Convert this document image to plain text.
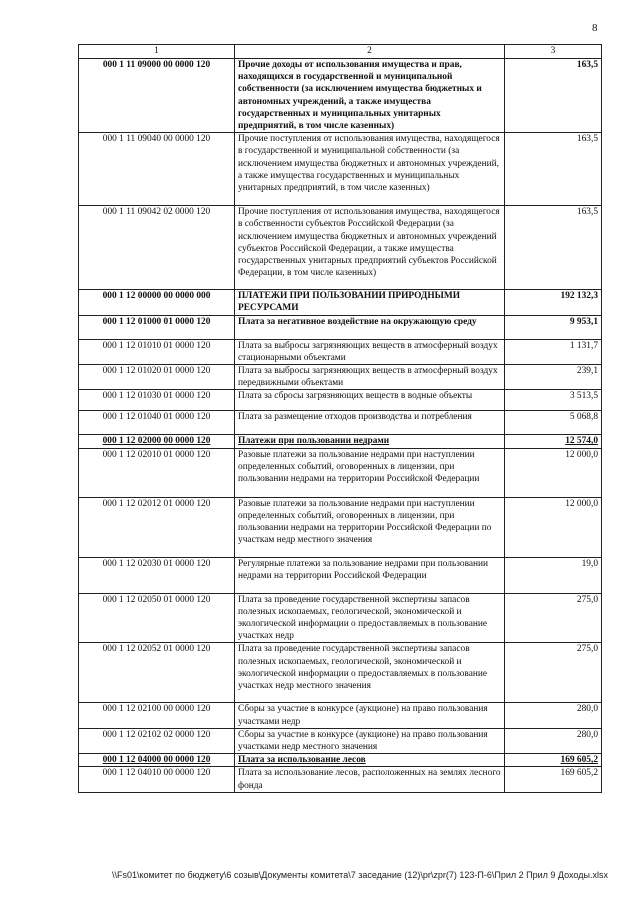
8
1	2	3
000 1 11 09000 00 0000 120	Прочие доходы от использования имущества и прав, находящихся в государственной и муниципальной собственности (за исключением имущества бюджетных и автономных учреждений, а также имущества государственных и муниципальных унитарных предприятий, в том числе казенных)	163,5
000 1 11 09040 00 0000 120	Прочие поступления от использования имущества, находящегося в государственной и муниципальной собственности (за исключением имущества бюджетных и автономных учреждений, а также имущества государственных и муниципальных унитарных предприятий, в том числе казенных)	163,5
000 1 11 09042 02 0000 120	Прочие поступления от использования имущества, находящегося в собственности субъектов Российской Федерации (за исключением имущества бюджетных и автономных учреждений субъектов Российской Федерации, а также имущества государственных унитарных предприятий субъектов Российской Федерации, в том числе казенных)	163,5
000 1 12 00000 00 0000 000	ПЛАТЕЖИ ПРИ ПОЛЬЗОВАНИИ ПРИРОДНЫМИ РЕСУРСАМИ	192 132,3
000 1 12 01000 01 0000 120	Плата за негативное воздействие на окружающую среду	9 953,1
000 1 12 01010 01 0000 120	Плата за выбросы загрязняющих веществ в атмосферный воздух стационарными объектами	1 131,7
000 1 12 01020 01 0000 120	Плата за выбросы загрязняющих веществ в атмосферный воздух передвижными объектами	239,1
000 1 12 01030 01 0000 120	Плата за сбросы загрязняющих веществ в водные объекты	3 513,5
000 1 12 01040 01 0000 120	Плата за размещение отходов производства и потребления	5 068,8
000 1 12 02000 00 0000 120	Платежи при пользовании недрами	12 574,0
000 1 12 02010 01 0000 120	Разовые платежи за пользование недрами при наступлении определенных событий, оговоренных в лицензии, при пользовании недрами на территории Российской Федерации	12 000,0
000 1 12 02012 01 0000 120	Разовые платежи за пользование недрами при наступлении определенных событий, оговоренных в лицензии, при пользовании недрами на территории Российской Федерации по участкам недр местного значения	12 000,0
000 1 12 02030 01 0000 120	Регулярные платежи за пользование недрами при пользовании недрами на территории Российской Федерации	19,0
000 1 12 02050 01 0000 120	Плата за проведение государственной экспертизы запасов полезных ископаемых, геологической, экономической и экологической информации о предоставляемых в пользование участках недр	275,0
000 1 12 02052 01 0000 120	Плата за проведение государственной экспертизы запасов полезных ископаемых, геологической, экономической и экологической информации о предоставляемых в пользование участках недр местного значения	275,0
000 1 12 02100 00 0000 120	Сборы за участие в конкурсе (аукционе) на право пользования участками недр	280,0
000 1 12 02102 02 0000 120	Сборы за участие в конкурсе (аукционе) на право пользования участками недр местного значения	280,0
000 1 12 04000 00 0000 120	Плата за использование лесов	169 605,2
000 1 12 04010 00 0000 120	Плата за использование лесов, расположенных на землях лесного фонда	169 605,2
\\Fs01\комитет по бюджету\6 созыв\Документы комитета\7 заседание (12)\pr\zpr(7) 123-П-6\Прил 2 Прил 9 Доходы.xlsx
